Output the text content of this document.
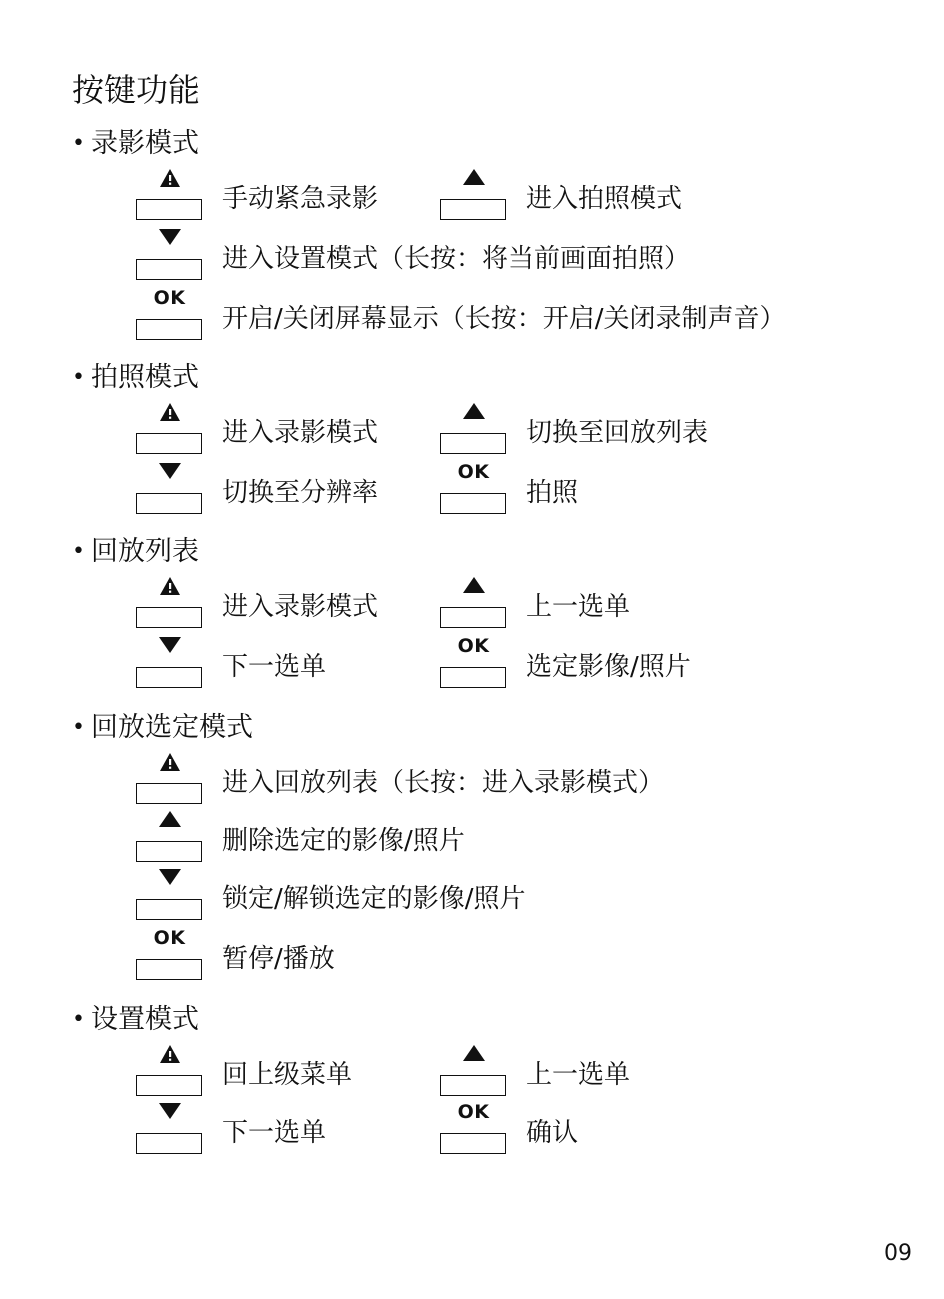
按键功能
• 录影模式
手动紧急录影	进入拍照模式
进入设置模式（长按：将当前画面拍照）
OK
开启/关闭屏幕显示（长按：开启/关闭录制声音）
• 拍照模式
进入录影模式	切换至回放列表
切换至分辨率
OK
拍照
• 回放列表
进入录影模式	上一选单
下一选单
OK
选定影像/照片
• 回放选定模式
进入回放列表（长按：进入录影模式）
删除选定的影像/照片
锁定/解锁选定的影像/照片
OK
暂停/播放
• 设置模式
回上级菜单	上一选单
下一选单
OK
确认
09
